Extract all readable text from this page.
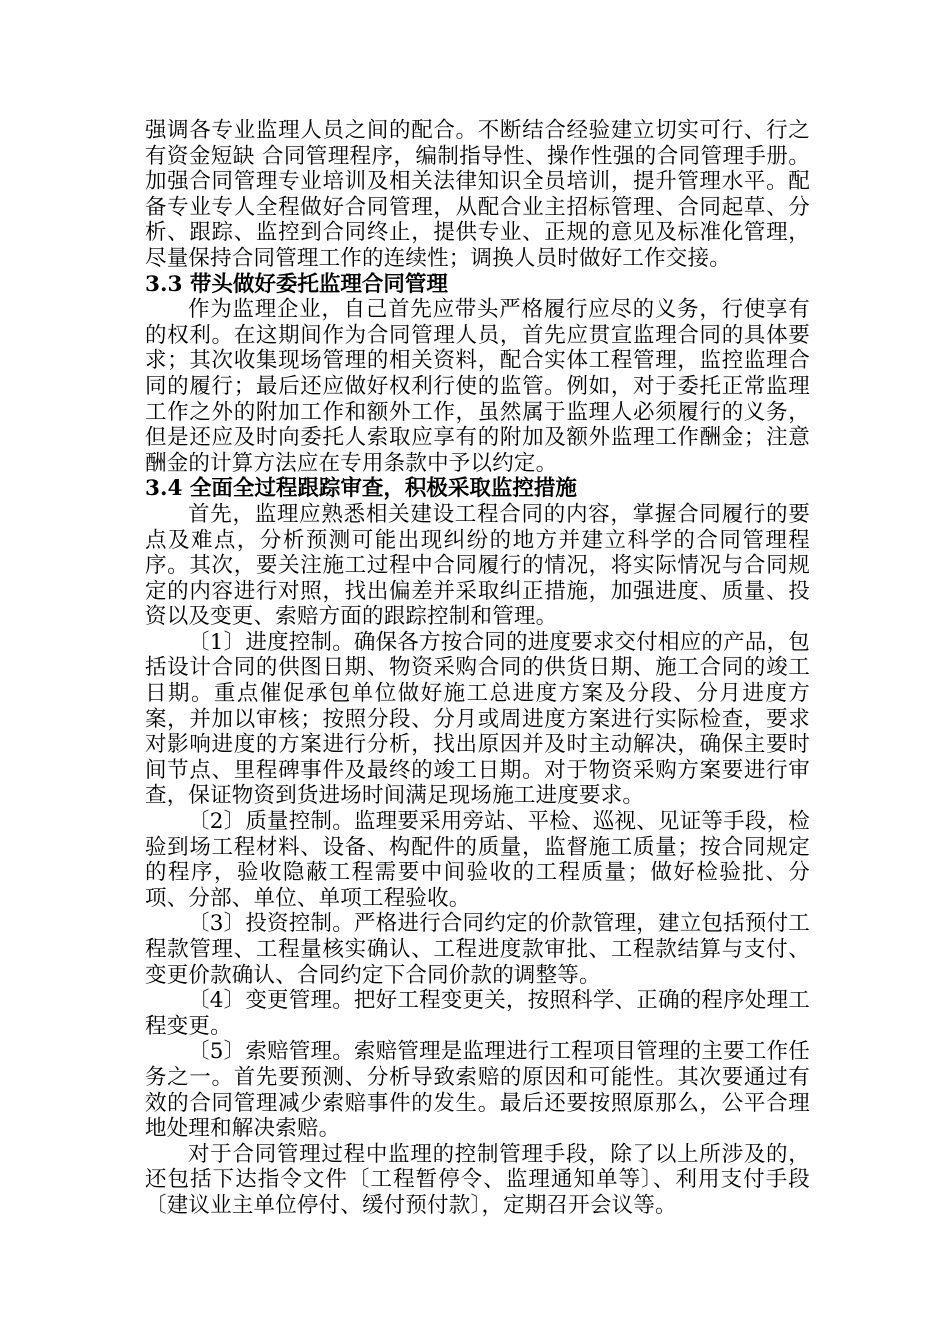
强调各专业监理人员之间的配合。不断结合经验建立切实可行、行之有资金短缺 合同管理程序，编制指导性、操作性强的合同管理手册。加强合同管理专业培训及相关法律知识全员培训，提升管理水平。配备专业专人全程做好合同管理，从配合业主招标管理、合同起草、分析、跟踪、监控到合同终止，提供专业、正规的意见及标准化管理，尽量保持合同管理工作的连续性；调换人员时做好工作交接。

3.3 带头做好委托监理合同管理

作为监理企业，自己首先应带头严格履行应尽的义务，行使享有的权利。在这期间作为合同管理人员，首先应贯宣监理合同的具体要求；其次收集现场管理的相关资料，配合实体工程管理，监控监理合同的履行；最后还应做好权利行使的监管。例如，对于委托正常监理工作之外的附加工作和额外工作，虽然属于监理人必须履行的义务，但是还应及时向委托人索取应享有的附加及额外监理工作酬金；注意酬金的计算方法应在专用条款中予以约定。

3.4 全面全过程跟踪审查，积极采取监控措施

首先，监理应熟悉相关建设工程合同的内容，掌握合同履行的要点及难点，分析预测可能出现纠纷的地方并建立科学的合同管理程序。其次，要关注施工过程中合同履行的情况，将实际情况与合同规定的内容进行对照，找出偏差并采取纠正措施，加强进度、质量、投资以及变更、索赔方面的跟踪控制和管理。

〔1〕进度控制。确保各方按合同的进度要求交付相应的产品，包括设计合同的供图日期、物资采购合同的供货日期、施工合同的竣工日期。重点催促承包单位做好施工总进度方案及分段、分月进度方案，并加以审核；按照分段、分月或周进度方案进行实际检查，要求对影响进度的方案进行分析，找出原因并及时主动解决，确保主要时间节点、里程碑事件及最终的竣工日期。对于物资采购方案要进行审查，保证物资到货进场时间满足现场施工进度要求。

〔2〕质量控制。监理要采用旁站、平检、巡视、见证等手段，检验到场工程材料、设备、构配件的质量，监督施工质量；按合同规定的程序，验收隐蔽工程需要中间验收的工程质量；做好检验批、分项、分部、单位、单项工程验收。

〔3〕投资控制。严格进行合同约定的价款管理，建立包括预付工程款管理、工程量核实确认、工程进度款审批、工程款结算与支付、变更价款确认、合同约定下合同价款的调整等。

〔4〕变更管理。把好工程变更关，按照科学、正确的程序处理工程变更。

〔5〕索赔管理。索赔管理是监理进行工程项目管理的主要工作任务之一。首先要预测、分析导致索赔的原因和可能性。其次要通过有效的合同管理减少索赔事件的发生。最后还要按照原那么，公平合理地处理和解决索赔。

对于合同管理过程中监理的控制管理手段，除了以上所涉及的，还包括下达指令文件〔工程暂停令、监理通知单等〕、利用支付手段〔建议业主单位停付、缓付预付款〕，定期召开会议等。
